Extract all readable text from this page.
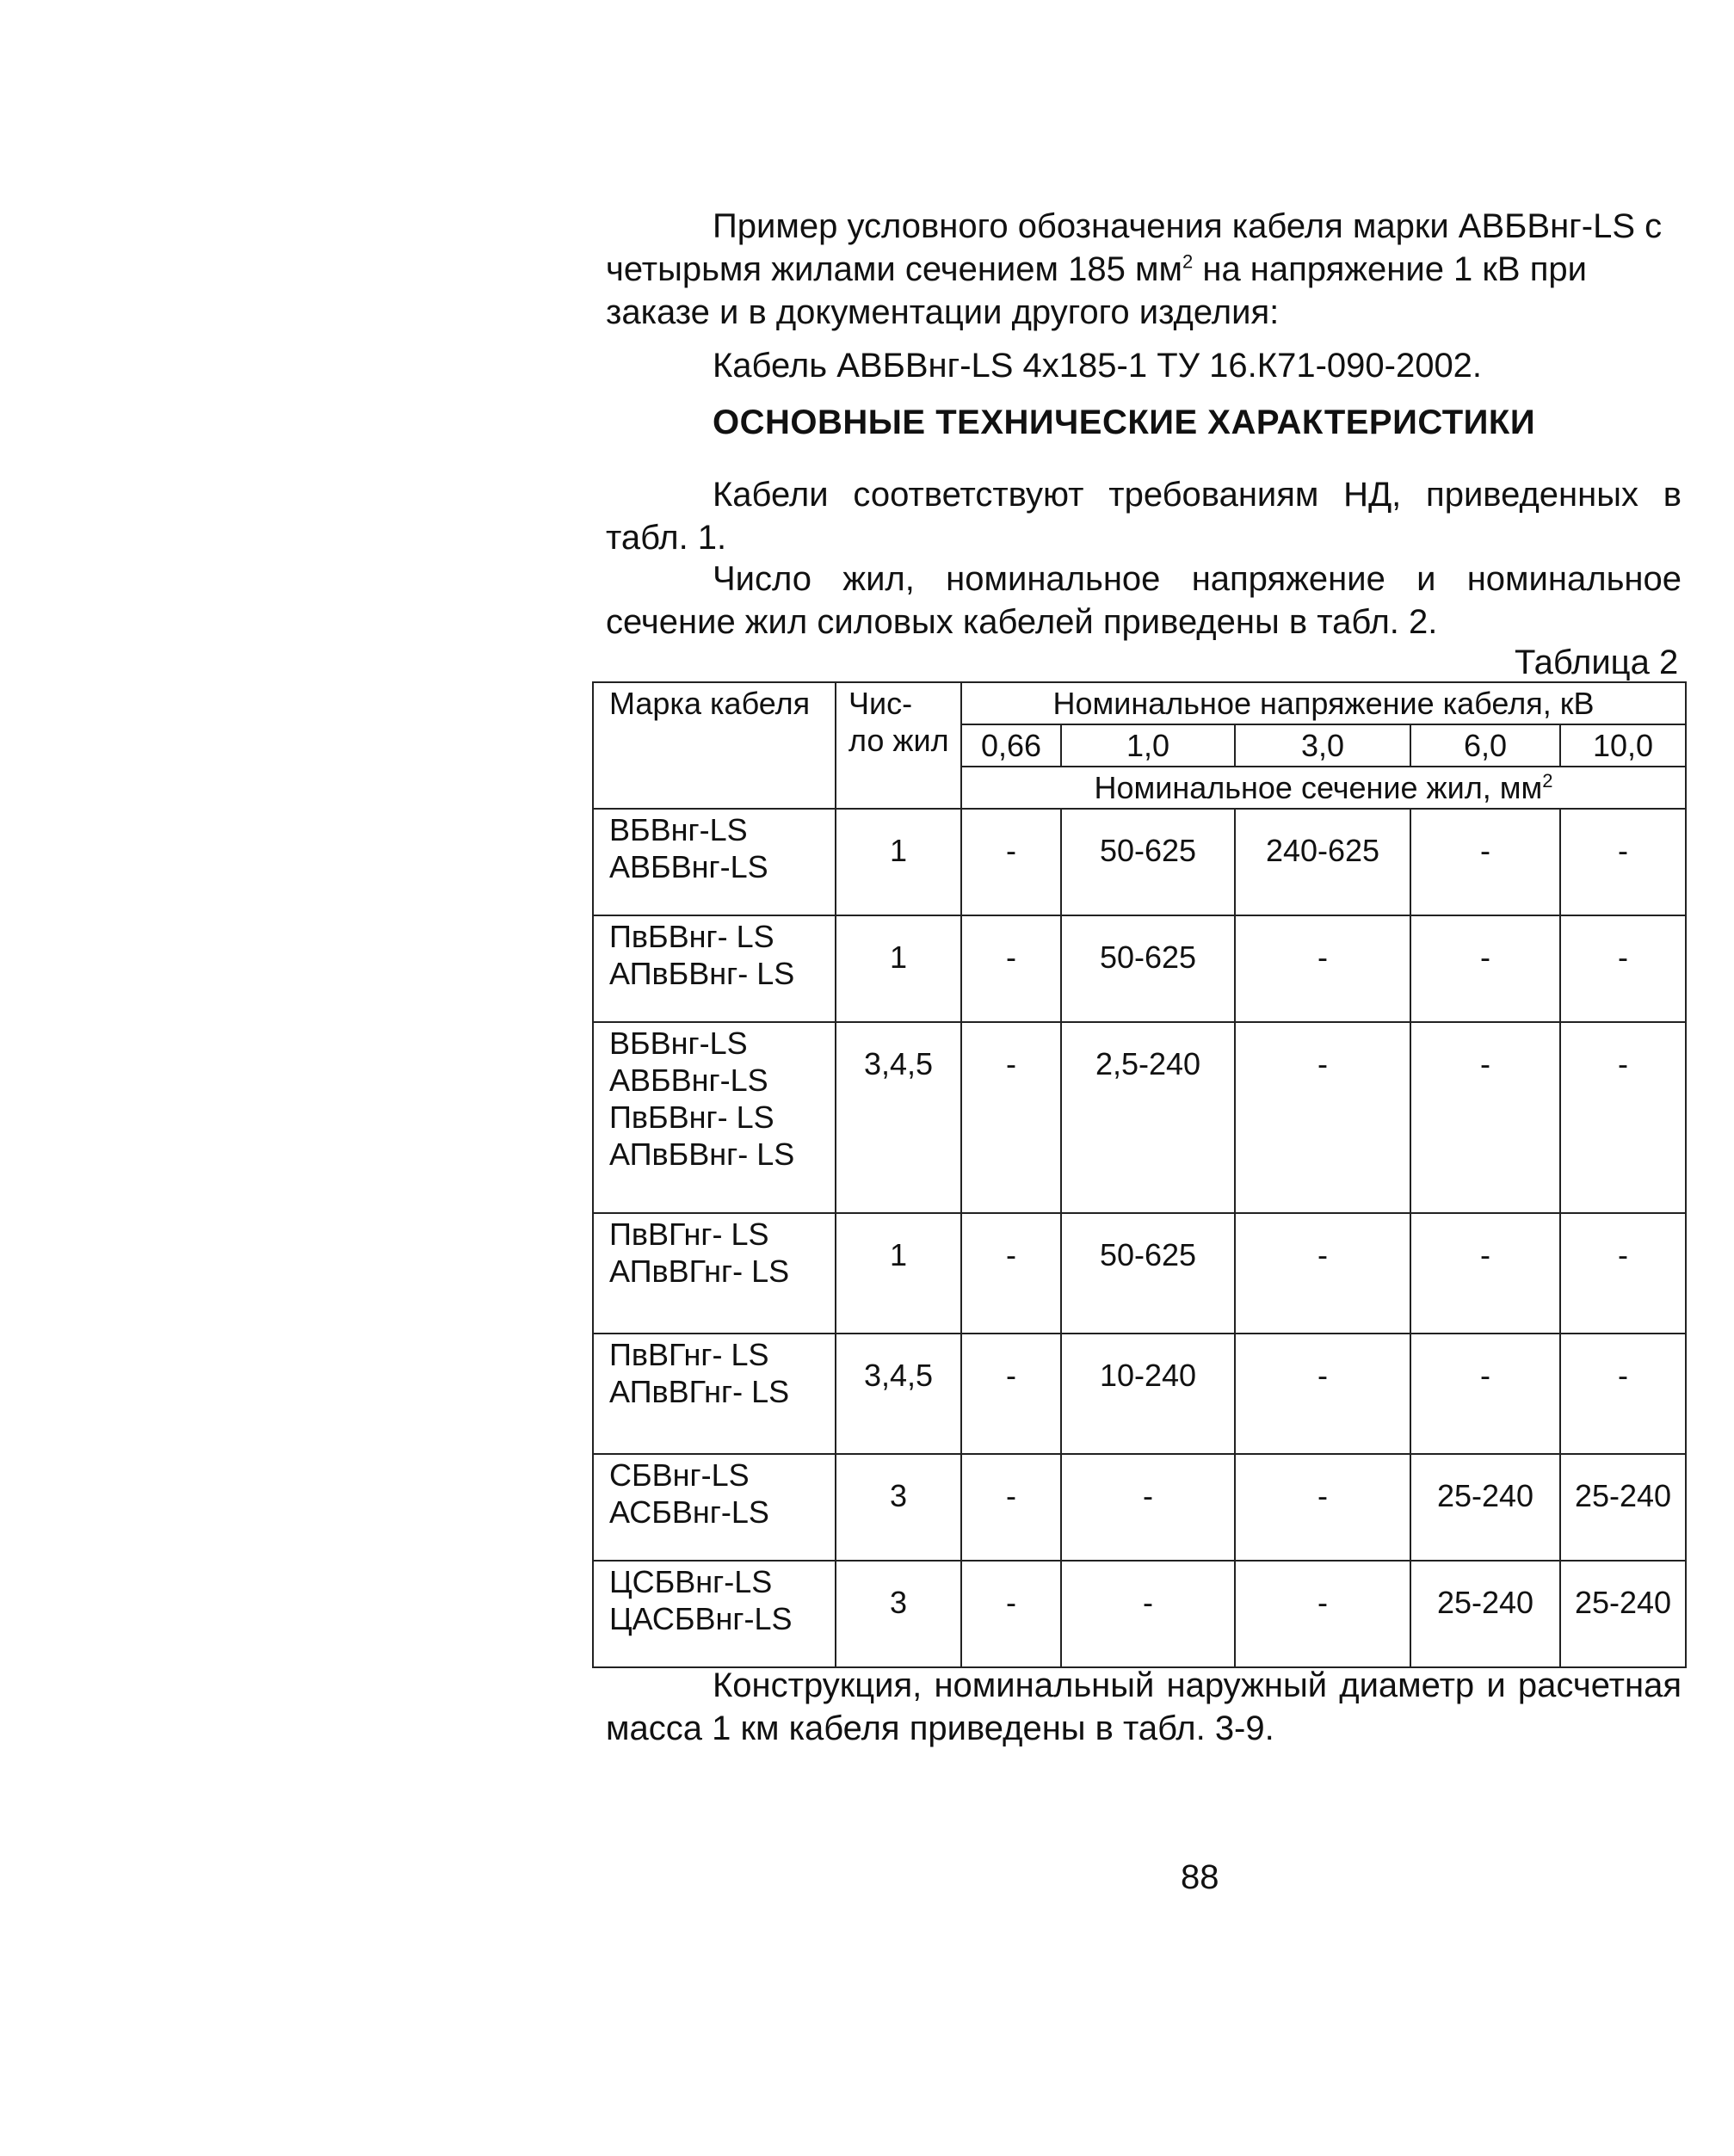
Пример условного обозначения кабеля марки АВБВнг-LS с
четырьмя жилами сечением 185 $мм^2$ на напряжение 1 кВ при
заказе и в документации другого изделия:
Кабель АВБВнг-LS 4х185-1 ТУ 16.К71-090-2002.
ОСНОВНЫЕ ТЕХНИЧЕСКИЕ ХАРАКТЕРИСТИКИ
Кабели соответствуют требованиям НД, приведенных в табл. 1.
Число жил, номинальное напряжение и номинальное сечение жил силовых кабелей приведены в табл. 2.
Таблица 2
Марка кабеля	Чис- ло жил	Номинальное напряжение кабеля, кВ				
		0,66	1,0	3,0	6,0	10,0
		Номинальное сечение жил, $мм^2$

ВБВнг-LS
АВБВнг-LS	1	-	50-625	240-625	-	-

ПвБВнг- LS
АПвБВнг- LS	1	-	50-625	-	-	-

ВБВнг-LS
АВБВнг-LS
ПвБВнг- LS
АПвБВнг- LS	3,4,5	-	2,5-240	-	-	-

ПвВГнг- LS
АПвВГнг- LS	1	-	50-625	-	-	-

ПвВГнг- LS
АПвВГнг- LS	3,4,5	-	10-240	-	-	-

СБВнг-LS
АСБВнг-LS	3	-	-	-	25-240	25-240

ЦСБВнг-LS
ЦАСБВнг-LS	3	-	-	-	25-240	25-240
Конструкция, номинальный наружный диаметр и расчетная масса 1 км кабеля приведены в табл. 3-9.
88
